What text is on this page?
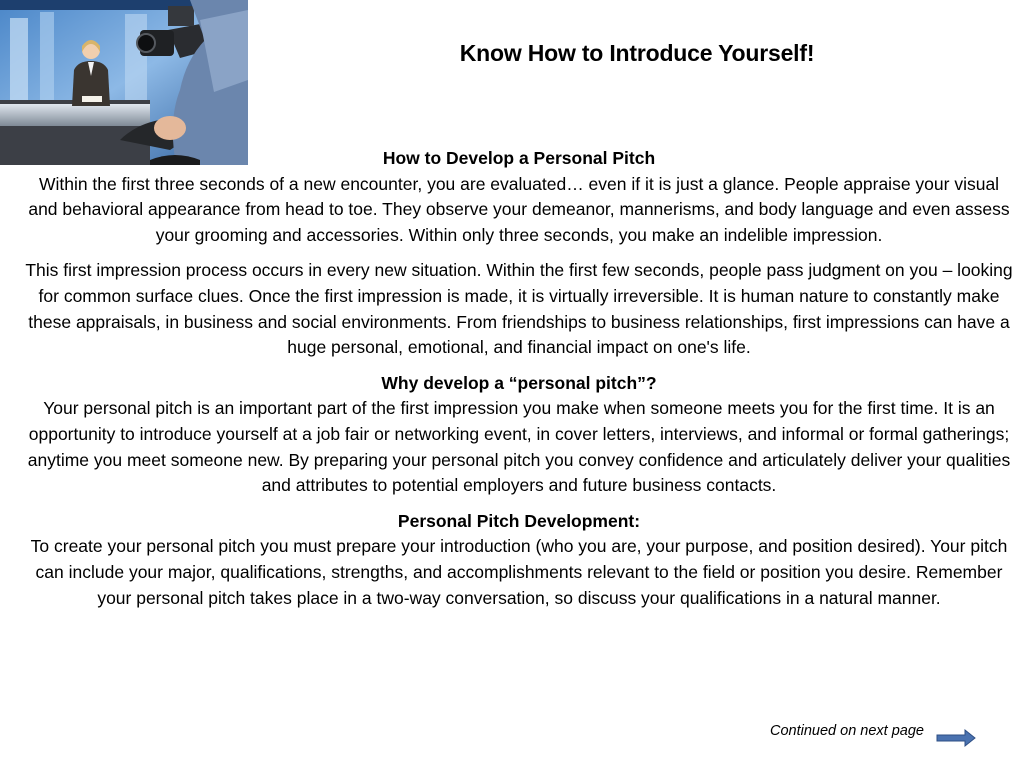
Know How to Introduce Yourself!
How to Develop a Personal Pitch

Within the first three seconds of a new encounter, you are evaluated… even if it is just a glance. People appraise your visual and behavioral appearance from head to toe. They observe your demeanor, mannerisms, and body language and even assess your grooming and accessories. Within only three seconds, you make an indelible impression.

This first impression process occurs in every new situation. Within the first few seconds, people pass judgment on you – looking for common surface clues. Once the first impression is made, it is virtually irreversible. It is human nature to constantly make these appraisals, in business and social environments. From friendships to business relationships, first impressions can have a huge personal, emotional, and financial impact on one's life.

Why develop a “personal pitch”?

Your personal pitch is an important part of the first impression you make when someone meets you for the first time. It is an opportunity to introduce yourself at a job fair or networking event, in cover letters, interviews, and informal or formal gatherings; anytime you meet someone new. By preparing your personal pitch you convey confidence and articulately deliver your qualities and attributes to potential employers and future business contacts.

Personal Pitch Development:

To create your personal pitch you must prepare your introduction (who you are, your purpose, and position desired). Your pitch can include your major, qualifications, strengths, and accomplishments relevant to the field or position you desire. Remember your personal pitch takes place in a two-way conversation, so discuss your qualifications in a natural manner.

Continued on next page
